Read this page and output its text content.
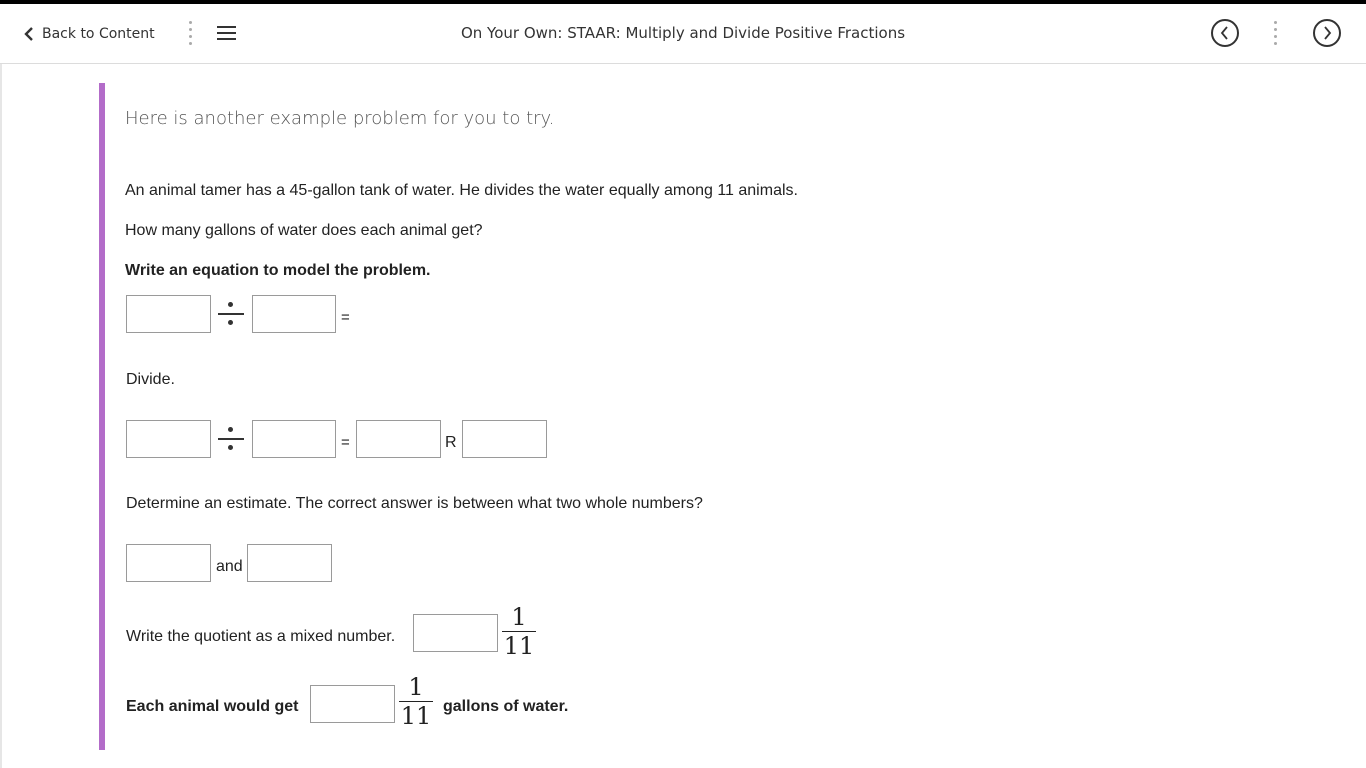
Back to Content	On Your Own: STAAR: Multiply and Divide Positive Fractions
Here is another example problem for you to try.
An animal tamer has a 45-gallon tank of water. He divides the water equally among 11 animals.
How many gallons of water does each animal get?
Write an equation to model the problem.
=
Divide.
=	R
Determine an estimate. The correct answer is between what two whole numbers?
and
Write the quotient as a mixed number.
1
11
Each animal would get
1
11 gallons of water.
